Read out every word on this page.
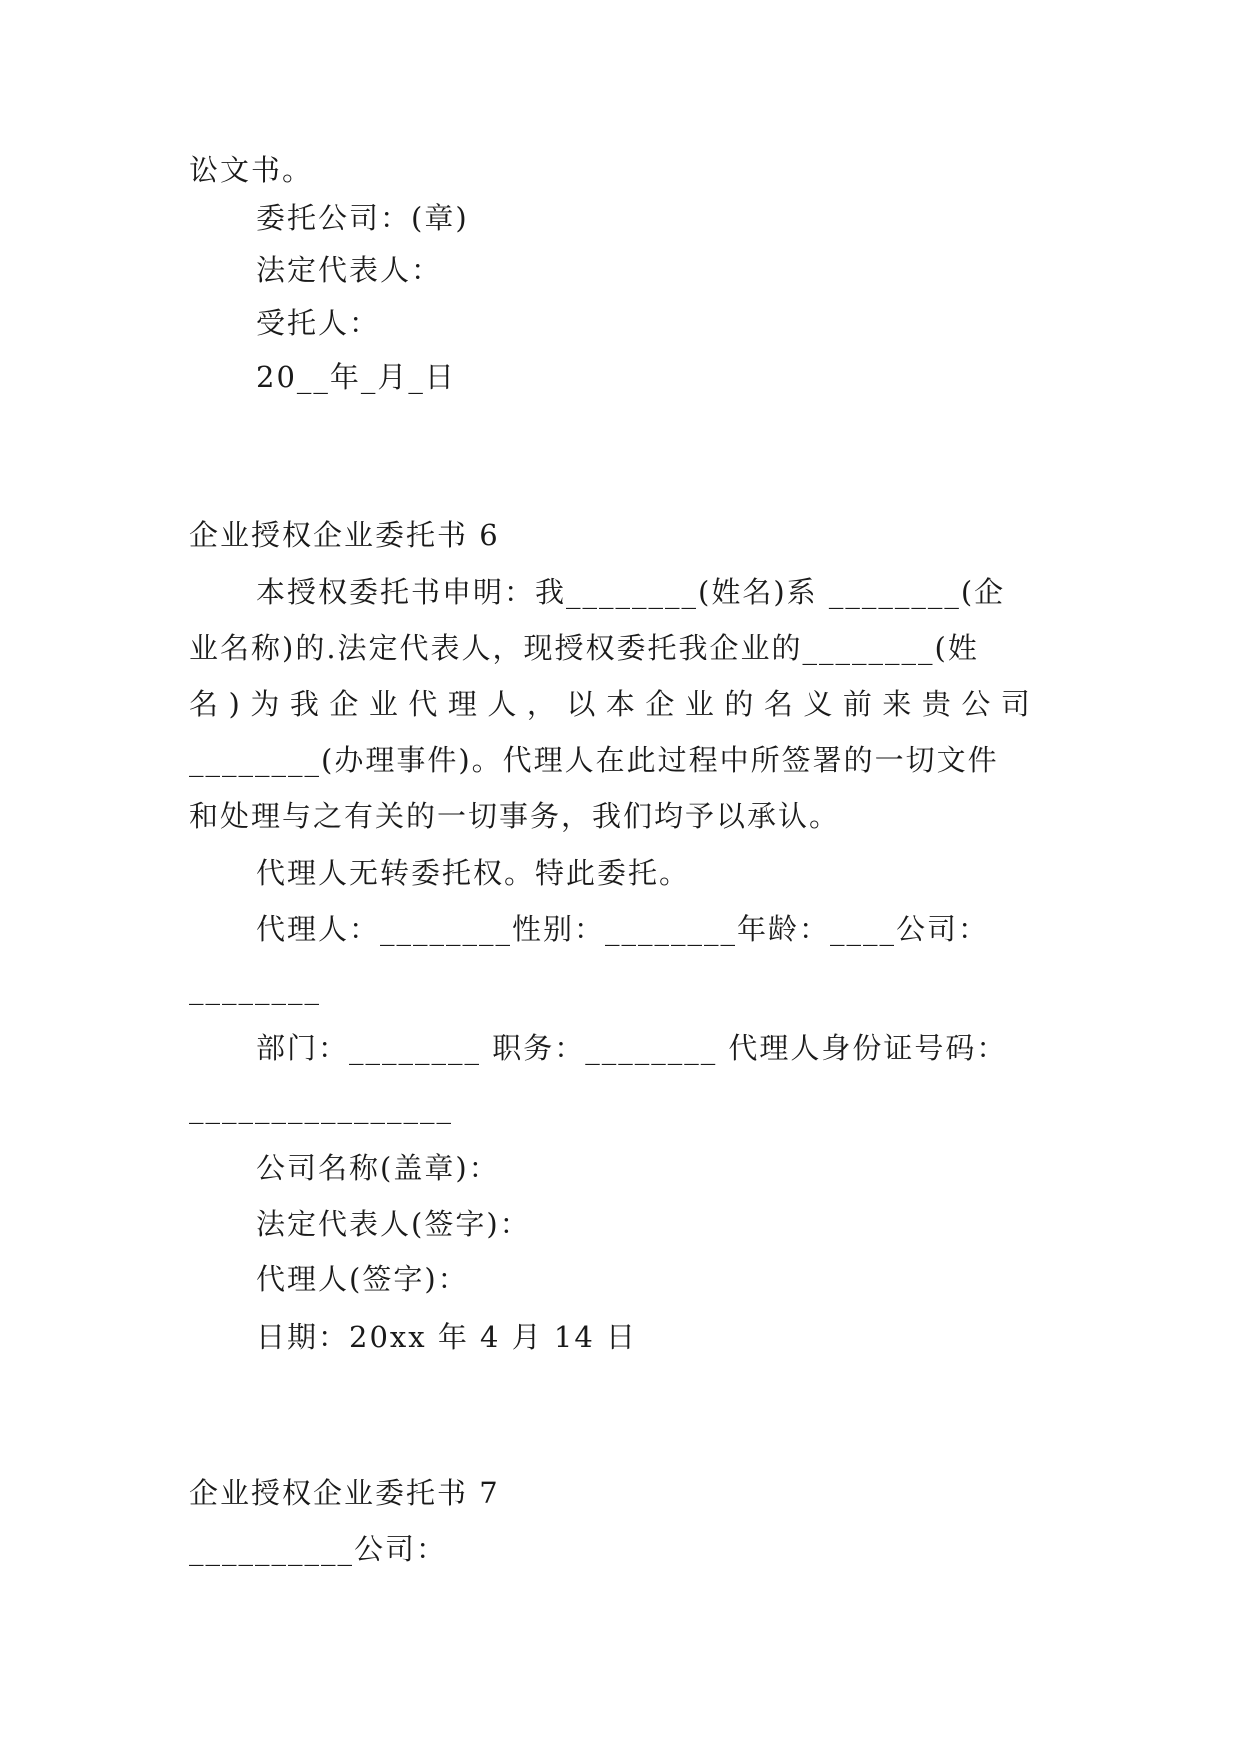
讼文书。
委托公司：(章)
法定代表人：
受托人：
20__年_月_日
企业授权企业委托书 6
本授权委托书申明：我________(姓名)系 ________(企
业名称)的.法定代表人，现授权委托我企业的________(姓
名)为我企业代理人，以本企业的名义前来贵公司
________(办理事件)。代理人在此过程中所签署的一切文件
和处理与之有关的一切事务，我们均予以承认。
代理人无转委托权。特此委托。
代理人：________性别：________年龄：____公司：
________
部门：________ 职务：________ 代理人身份证号码：
________________
公司名称(盖章)：
法定代表人(签字)：
代理人(签字)：
日期：20xx 年 4 月 14 日
企业授权企业委托书 7
__________公司：
